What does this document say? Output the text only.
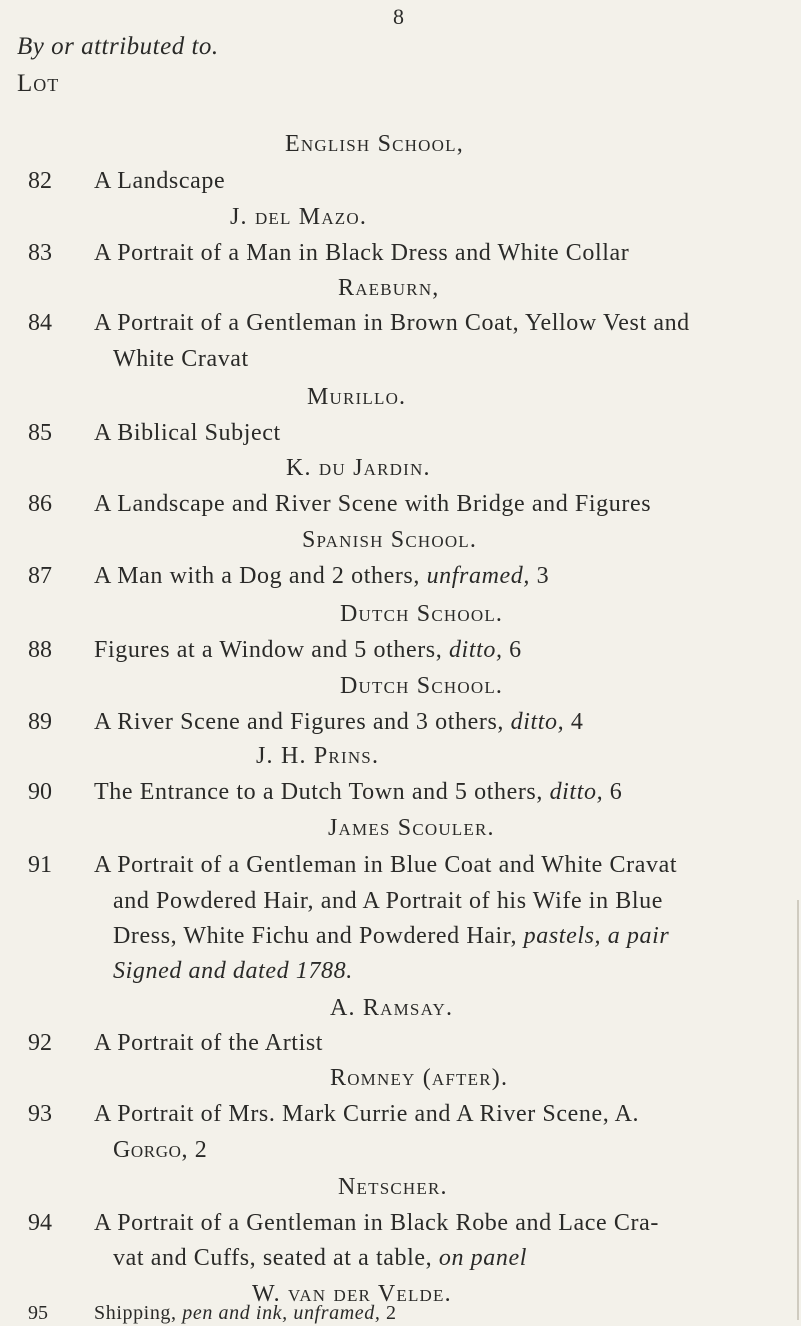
8
By or attributed to.
Lot
English School,
82 A Landscape
J. del Mazo.
83 A Portrait of a Man in Black Dress and White Collar
Raeburn,
84 A Portrait of a Gentleman in Brown Coat, Yellow Vest and
White Cravat
Murillo.
85 A Biblical Subject
K. du Jardin.
86 A Landscape and River Scene with Bridge and Figures
Spanish School.
87 A Man with a Dog and 2 others, unframed, 3
Dutch School.
88 Figures at a Window and 5 others, ditto, 6
Dutch School.
89 A River Scene and Figures and 3 others, ditto, 4
J. H. Prins.
90 The Entrance to a Dutch Town and 5 others, ditto, 6
James Scouler.
91 A Portrait of a Gentleman in Blue Coat and White Cravat
and Powdered Hair, and A Portrait of his Wife in Blue
Dress, White Fichu and Powdered Hair, pastels, a pair
Signed and dated 1788.
A. Ramsay.
92 A Portrait of the Artist
Romney (after).
93 A Portrait of Mrs. Mark Currie and A River Scene, A.
Gorgo, 2
Netscher.
94 A Portrait of a Gentleman in Black Robe and Lace Cra-
vat and Cuffs, seated at a table, on panel
W. van der Velde.
95 Shipping, pen and ink, unframed, 2
